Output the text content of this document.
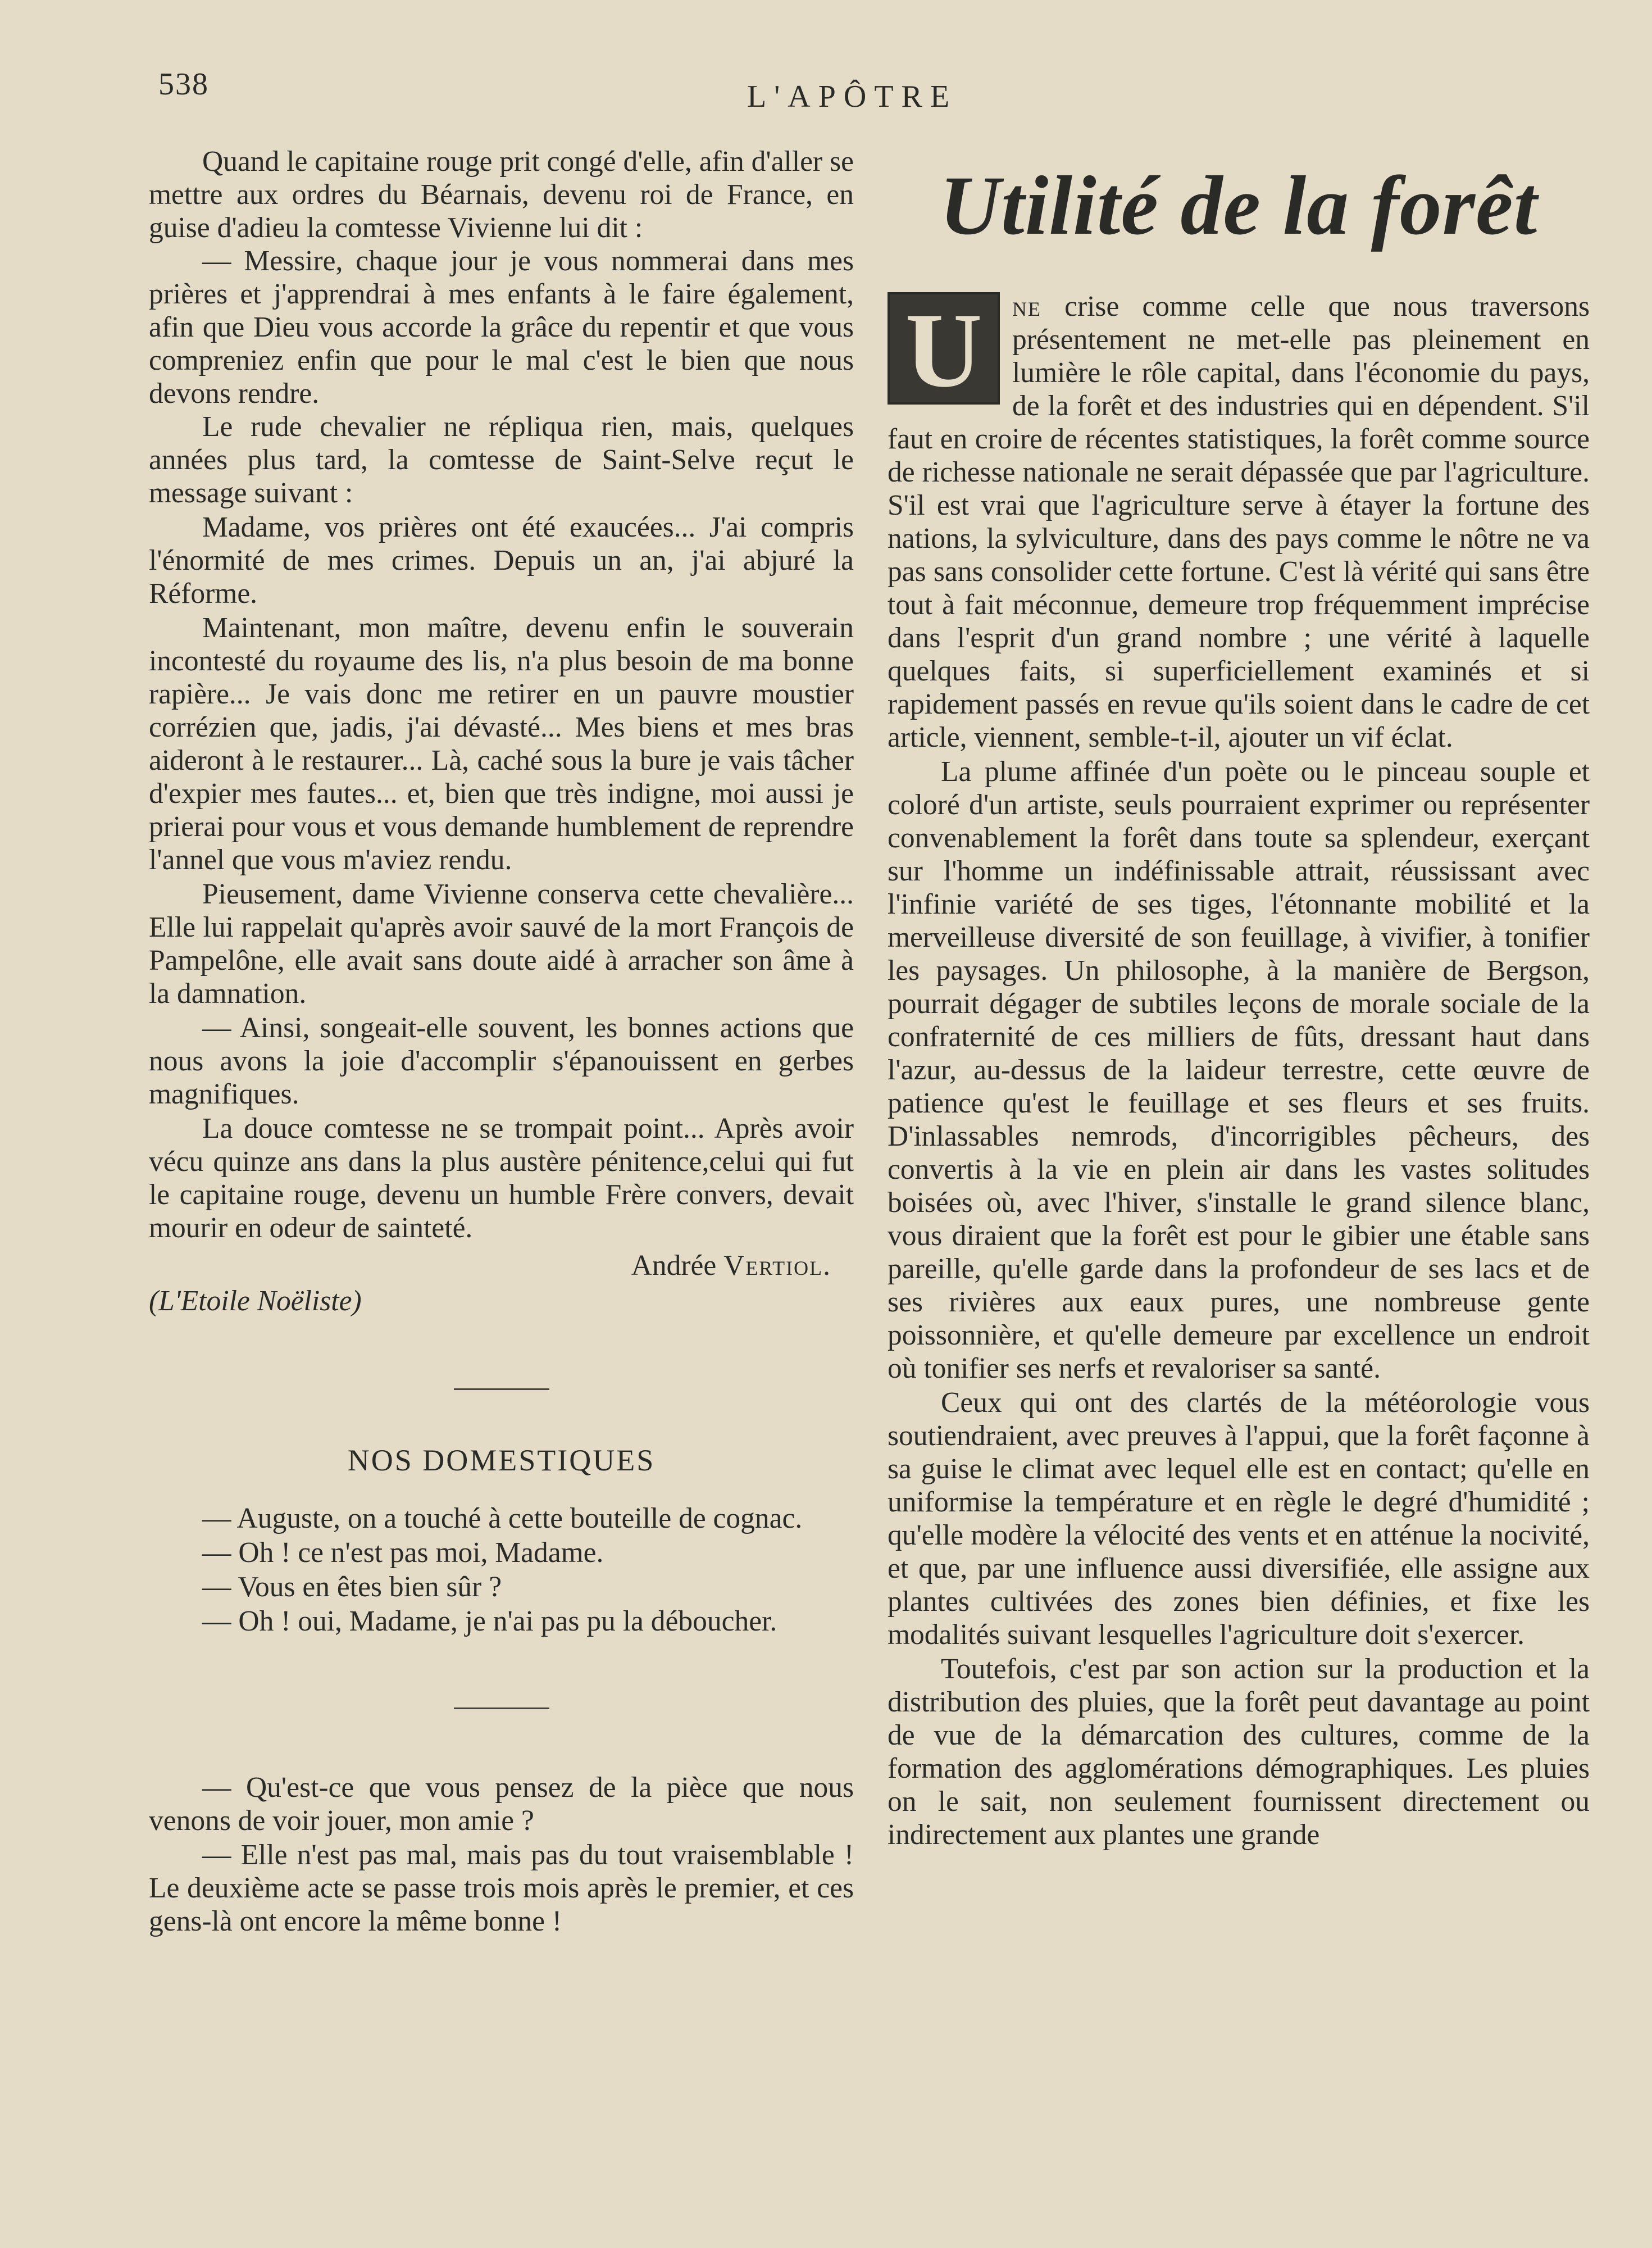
538	L'APÔTRE

Quand le capitaine rouge prit congé d'elle, afin d'aller se mettre aux ordres du Béarnais, devenu roi de France, en guise d'adieu la comtesse Vivienne lui dit :

— Messire, chaque jour je vous nommerai dans mes prières et j'apprendrai à mes enfants à le faire également, afin que Dieu vous accorde la grâce du repentir et que vous compreniez enfin que pour le mal c'est le bien que nous devons rendre.

Le rude chevalier ne répliqua rien, mais, quelques années plus tard, la comtesse de Saint-Selve reçut le message suivant :

Madame, vos prières ont été exaucées... J'ai compris l'énormité de mes crimes. Depuis un an, j'ai abjuré la Réforme.

Maintenant, mon maître, devenu enfin le souverain incontesté du royaume des lis, n'a plus besoin de ma bonne rapière... Je vais donc me retirer en un pauvre moustier corrézien que, jadis, j'ai dévasté... Mes biens et mes bras aideront à le restaurer... Là, caché sous la bure je vais tâcher d'expier mes fautes... et, bien que très indigne, moi aussi je prierai pour vous et vous demande humblement de reprendre l'annel que vous m'aviez rendu.

Pieusement, dame Vivienne conserva cette chevalière... Elle lui rappelait qu'après avoir sauvé de la mort François de Pampelône, elle avait sans doute aidé à arracher son âme à la damnation.

— Ainsi, songeait-elle souvent, les bonnes actions que nous avons la joie d'accomplir s'épanouissent en gerbes magnifiques.

La douce comtesse ne se trompait point... Après avoir vécu quinze ans dans la plus austère pénitence,celui qui fut le capitaine rouge, devenu un humble Frère convers, devait mourir en odeur de sainteté.

Andrée Vertiol.
(L'Etoile Noëliste)
NOS DOMESTIQUES

— Auguste, on a touché à cette bouteille de cognac.

— Oh ! ce n'est pas moi, Madame.

— Vous en êtes bien sûr ?

— Oh ! oui, Madame, je n'ai pas pu la déboucher.

— Qu'est-ce que vous pensez de la pièce que nous venons de voir jouer, mon amie ?

— Elle n'est pas mal, mais pas du tout vraisemblable ! Le deuxième acte se passe trois mois après le premier, et ces gens-là ont encore la même bonne !

Utilité de la forêt

U	ne crise comme celle que nous traversons présentement ne met-elle pas pleinement en lumière le rôle capital, dans l'économie du pays, de la forêt et des industries qui en dépendent. S'il faut en croire de récentes statistiques, la forêt comme source de richesse nationale ne serait dépassée que par l'agriculture. S'il est vrai que l'agriculture serve à étayer la fortune des nations, la sylviculture, dans des pays comme le nôtre ne va pas sans consolider cette fortune. C'est là vérité qui sans être tout à fait méconnue, demeure trop fréquemment imprécise dans l'esprit d'un grand nombre ; une vérité à laquelle quelques faits, si superficiellement examinés et si rapidement passés en revue qu'ils soient dans le cadre de cet article, viennent, semble-t-il, ajouter un vif éclat.

La plume affinée d'un poète ou le pinceau souple et coloré d'un artiste, seuls pourraient exprimer ou représenter convenablement la forêt dans toute sa splendeur, exerçant sur l'homme un indéfinissable attrait, réussissant avec l'infinie variété de ses tiges, l'étonnante mobilité et la merveilleuse diversité de son feuillage, à vivifier, à tonifier les paysages. Un philosophe, à la manière de Bergson, pourrait dégager de subtiles leçons de morale sociale de la confraternité de ces milliers de fûts, dressant haut dans l'azur, au-dessus de la laideur terrestre, cette œuvre de patience qu'est le feuillage et ses fleurs et ses fruits. D'inlassables nemrods, d'incorrigibles pêcheurs, des convertis à la vie en plein air dans les vastes solitudes boisées où, avec l'hiver, s'installe le grand silence blanc, vous diraient que la forêt est pour le gibier une étable sans pareille, qu'elle garde dans la profondeur de ses lacs et de ses rivières aux eaux pures, une nombreuse gente poissonnière, et qu'elle demeure par excellence un endroit où tonifier ses nerfs et revaloriser sa santé.

Ceux qui ont des clartés de la météorologie vous soutiendraient, avec preuves à l'appui, que la forêt façonne à sa guise le climat avec lequel elle est en contact; qu'elle en uniformise la température et en règle le degré d'humidité ; qu'elle modère la vélocité des vents et en atténue la nocivité, et que, par une influence aussi diversifiée, elle assigne aux plantes cultivées des zones bien définies, et fixe les modalités suivant lesquelles l'agriculture doit s'exercer.

Toutefois, c'est par son action sur la production et la distribution des pluies, que la forêt peut davantage au point de vue de la démarcation des cultures, comme de la formation des agglomérations démographiques. Les pluies on le sait, non seulement fournissent directement ou indirectement aux plantes une grande
